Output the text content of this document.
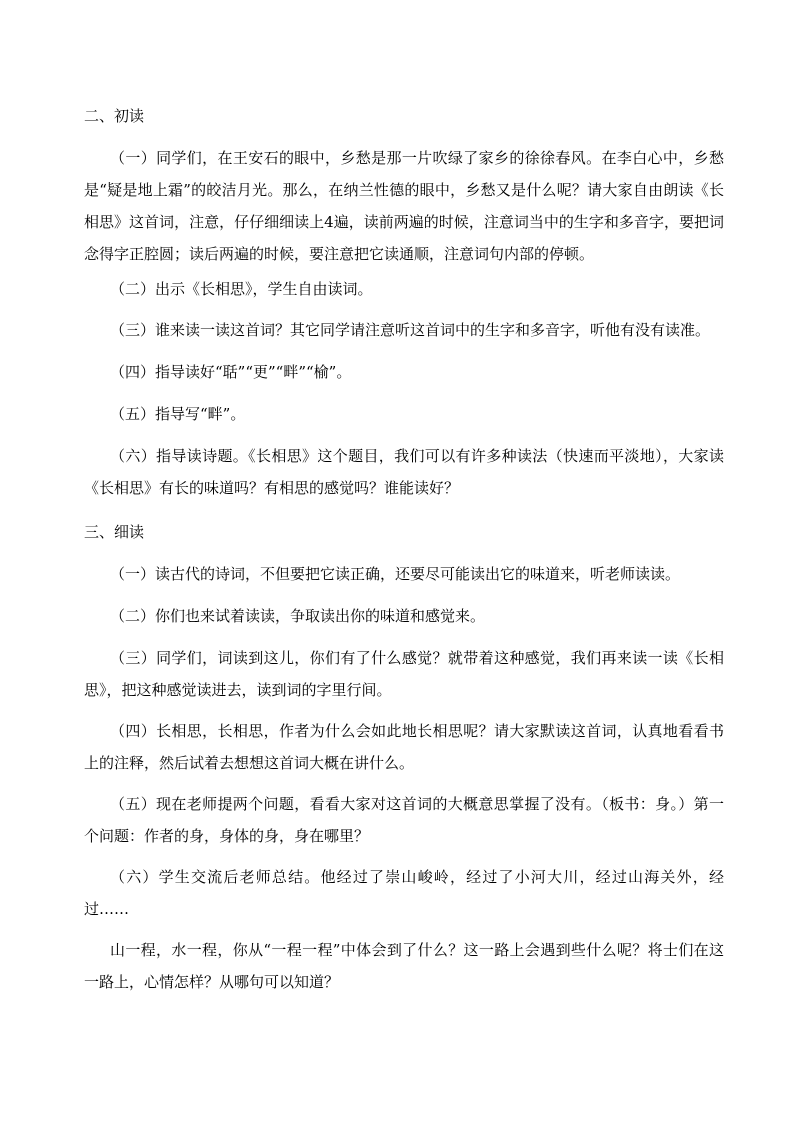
二、初读

（一）同学们，在王安石的眼中，乡愁是那一片吹绿了家乡的徐徐春风。在李白心中，乡愁是“疑是地上霜”的皎洁月光。那么，在纳兰性德的眼中，乡愁又是什么呢？请大家自由朗读《长相思》这首词，注意，仔仔细细读上4遍，读前两遍的时候，注意词当中的生字和多音字，要把词念得字正腔圆；读后两遍的时候，要注意把它读通顺，注意词句内部的停顿。

（二）出示《长相思》，学生自由读词。

（三）谁来读一读这首词？其它同学请注意听这首词中的生字和多音字，听他有没有读准。

（四）指导读好“聒”“更”“畔”“榆”。

（五）指导写“畔”。

（六）指导读诗题。《长相思》这个题目，我们可以有许多种读法（快速而平淡地），大家读《长相思》有长的味道吗？有相思的感觉吗？谁能读好？

三、细读

（一）读古代的诗词，不但要把它读正确，还要尽可能读出它的味道来，听老师读读。

（二）你们也来试着读读，争取读出你的味道和感觉来。

（三）同学们，词读到这儿，你们有了什么感觉？就带着这种感觉，我们再来读一读《长相思》，把这种感觉读进去，读到词的字里行间。

（四）长相思，长相思，作者为什么会如此地长相思呢？请大家默读这首词，认真地看看书上的注释，然后试着去想想这首词大概在讲什么。

（五）现在老师提两个问题，看看大家对这首词的大概意思掌握了没有。（板书：身。）第一个问题：作者的身，身体的身，身在哪里？

（六）学生交流后老师总结。他经过了崇山峻岭，经过了小河大川，经过山海关外，经过……

山一程，水一程，你从“一程一程”中体会到了什么？这一路上会遇到些什么呢？将士们在这一路上，心情怎样？从哪句可以知道？
